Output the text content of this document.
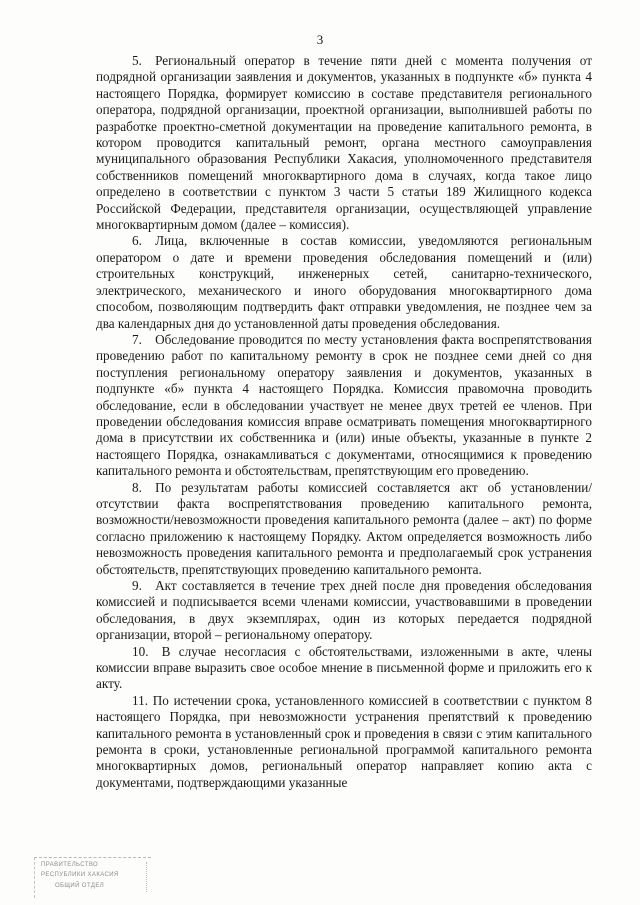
3

5. Региональный оператор в течение пяти дней с момента получения от подрядной организации заявления и документов, указанных в подпункте «б» пункта 4 настоящего Порядка, формирует комиссию в составе представителя регионального оператора, подрядной организации, проектной организации, выполнившей работы по разработке проектно-сметной документации на проведение капитального ремонта, в котором проводится капитальный ремонт, органа местного самоуправления муниципального образования Республики Хакасия, уполномоченного представителя собственников помещений многоквартирного дома в случаях, когда такое лицо определено в соответствии с пунктом 3 части 5 статьи 189 Жилищного кодекса Российской Федерации, представителя организации, осуществляющей управление многоквартирным домом (далее – комиссия).

6. Лица, включенные в состав комиссии, уведомляются региональным оператором о дате и времени проведения обследования помещений и (или) строительных конструкций, инженерных сетей, санитарно-технического, электрического, механического и иного оборудования многоквартирного дома способом, позволяющим подтвердить факт отправки уведомления, не позднее чем за два календарных дня до установленной даты проведения обследования.

7. Обследование проводится по месту установления факта воспрепятствования проведению работ по капитальному ремонту в срок не позднее семи дней со дня поступления региональному оператору заявления и документов, указанных в подпункте «б» пункта 4 настоящего Порядка. Комиссия правомочна проводить обследование, если в обследовании участвует не менее двух третей ее членов. При проведении обследования комиссия вправе осматривать помещения многоквартирного дома в присутствии их собственника и (или) иные объекты, указанные в пункте 2 настоящего Порядка, ознакамливаться с документами, относящимися к проведению капитального ремонта и обстоятельствам, препятствующим его проведению.

8. По результатам работы комиссией составляется акт об установлении/отсутствии факта воспрепятствования проведению капитального ремонта, возможности/невозможности проведения капитального ремонта (далее – акт) по форме согласно приложению к настоящему Порядку. Актом определяется возможность либо невозможность проведения капитального ремонта и предполагаемый срок устранения обстоятельств, препятствующих проведению капитального ремонта.

9. Акт составляется в течение трех дней после дня проведения обследования комиссией и подписывается всеми членами комиссии, участвовавшими в проведении обследования, в двух экземплярах, один из которых передается подрядной организации, второй – региональному оператору.

10. В случае несогласия с обстоятельствами, изложенными в акте, члены комиссии вправе выразить свое особое мнение в письменной форме и приложить его к акту.

11. По истечении срока, установленного комиссией в соответствии с пунктом 8 настоящего Порядка, при невозможности устранения препятствий к проведению капитального ремонта в установленный срок и проведения в связи с этим капитального ремонта в сроки, установленные региональной программой капитального ремонта многоквартирных домов, региональный оператор направляет копию акта с документами, подтверждающими указанные

ПРАВИТЕЛЬСТВО
РЕСПУБЛИКИ ХАКАСИЯ
ОБЩИЙ ОТДЕЛ
